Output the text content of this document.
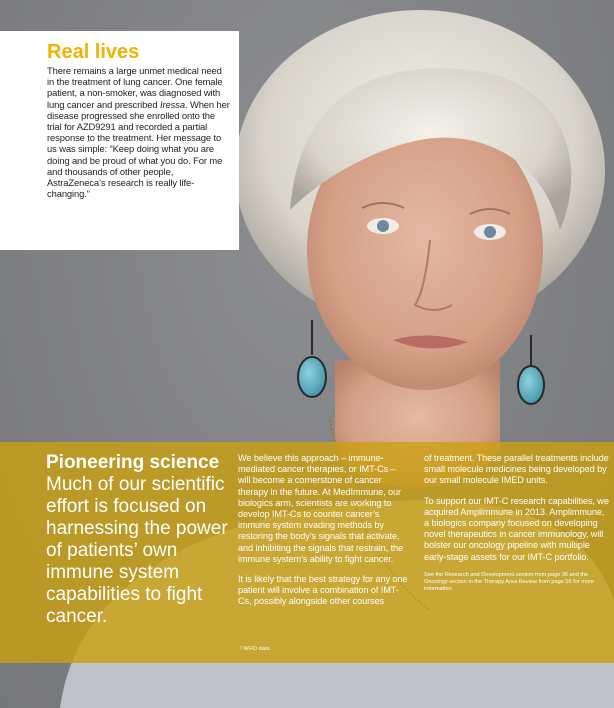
Real lives

There remains a large unmet medical need in the treatment of lung cancer. One female patient, a non-smoker, was diagnosed with lung cancer and prescribed Iressa. When her disease progressed she enrolled onto the trial for AZD9291 and recorded a partial response to the treatment. Her message to us was simple: “Keep doing what you are doing and be proud of what you do. For me and thousands of other people, AstraZeneca’s research is really life-changing.”

Pioneering science

Much of our scientific effort is focused on harnessing the power of patients’ own immune system capabilities to fight cancer.

We believe this approach – immune-mediated cancer therapies, or IMT-Cs – will become a cornerstone of cancer therapy in the future. At MedImmune, our biologics arm, scientists are working to develop IMT-Cs to counter cancer’s immune system evading methods by restoring the body’s signals that activate, and inhibiting the signals that restrain, the immune system’s ability to fight cancer.

It is likely that the best strategy for any one patient will involve a combination of IMT-Cs, possibly alongside other courses

of treatment. These parallel treatments include small molecule medicines being developed by our small molecule IMED units.

To support our IMT-C research capabilities, we acquired Amplimmune in 2013. Amplimmune, a biologics company focused on developing novel therapeutics in cancer immunology, will bolster our oncology pipeline with multiple early-stage assets for our IMT-C portfolio.

See the Research and Development section from page 36 and the Oncology section in the Therapy Area Review from page 56 for more information.

¹ WHO data.
